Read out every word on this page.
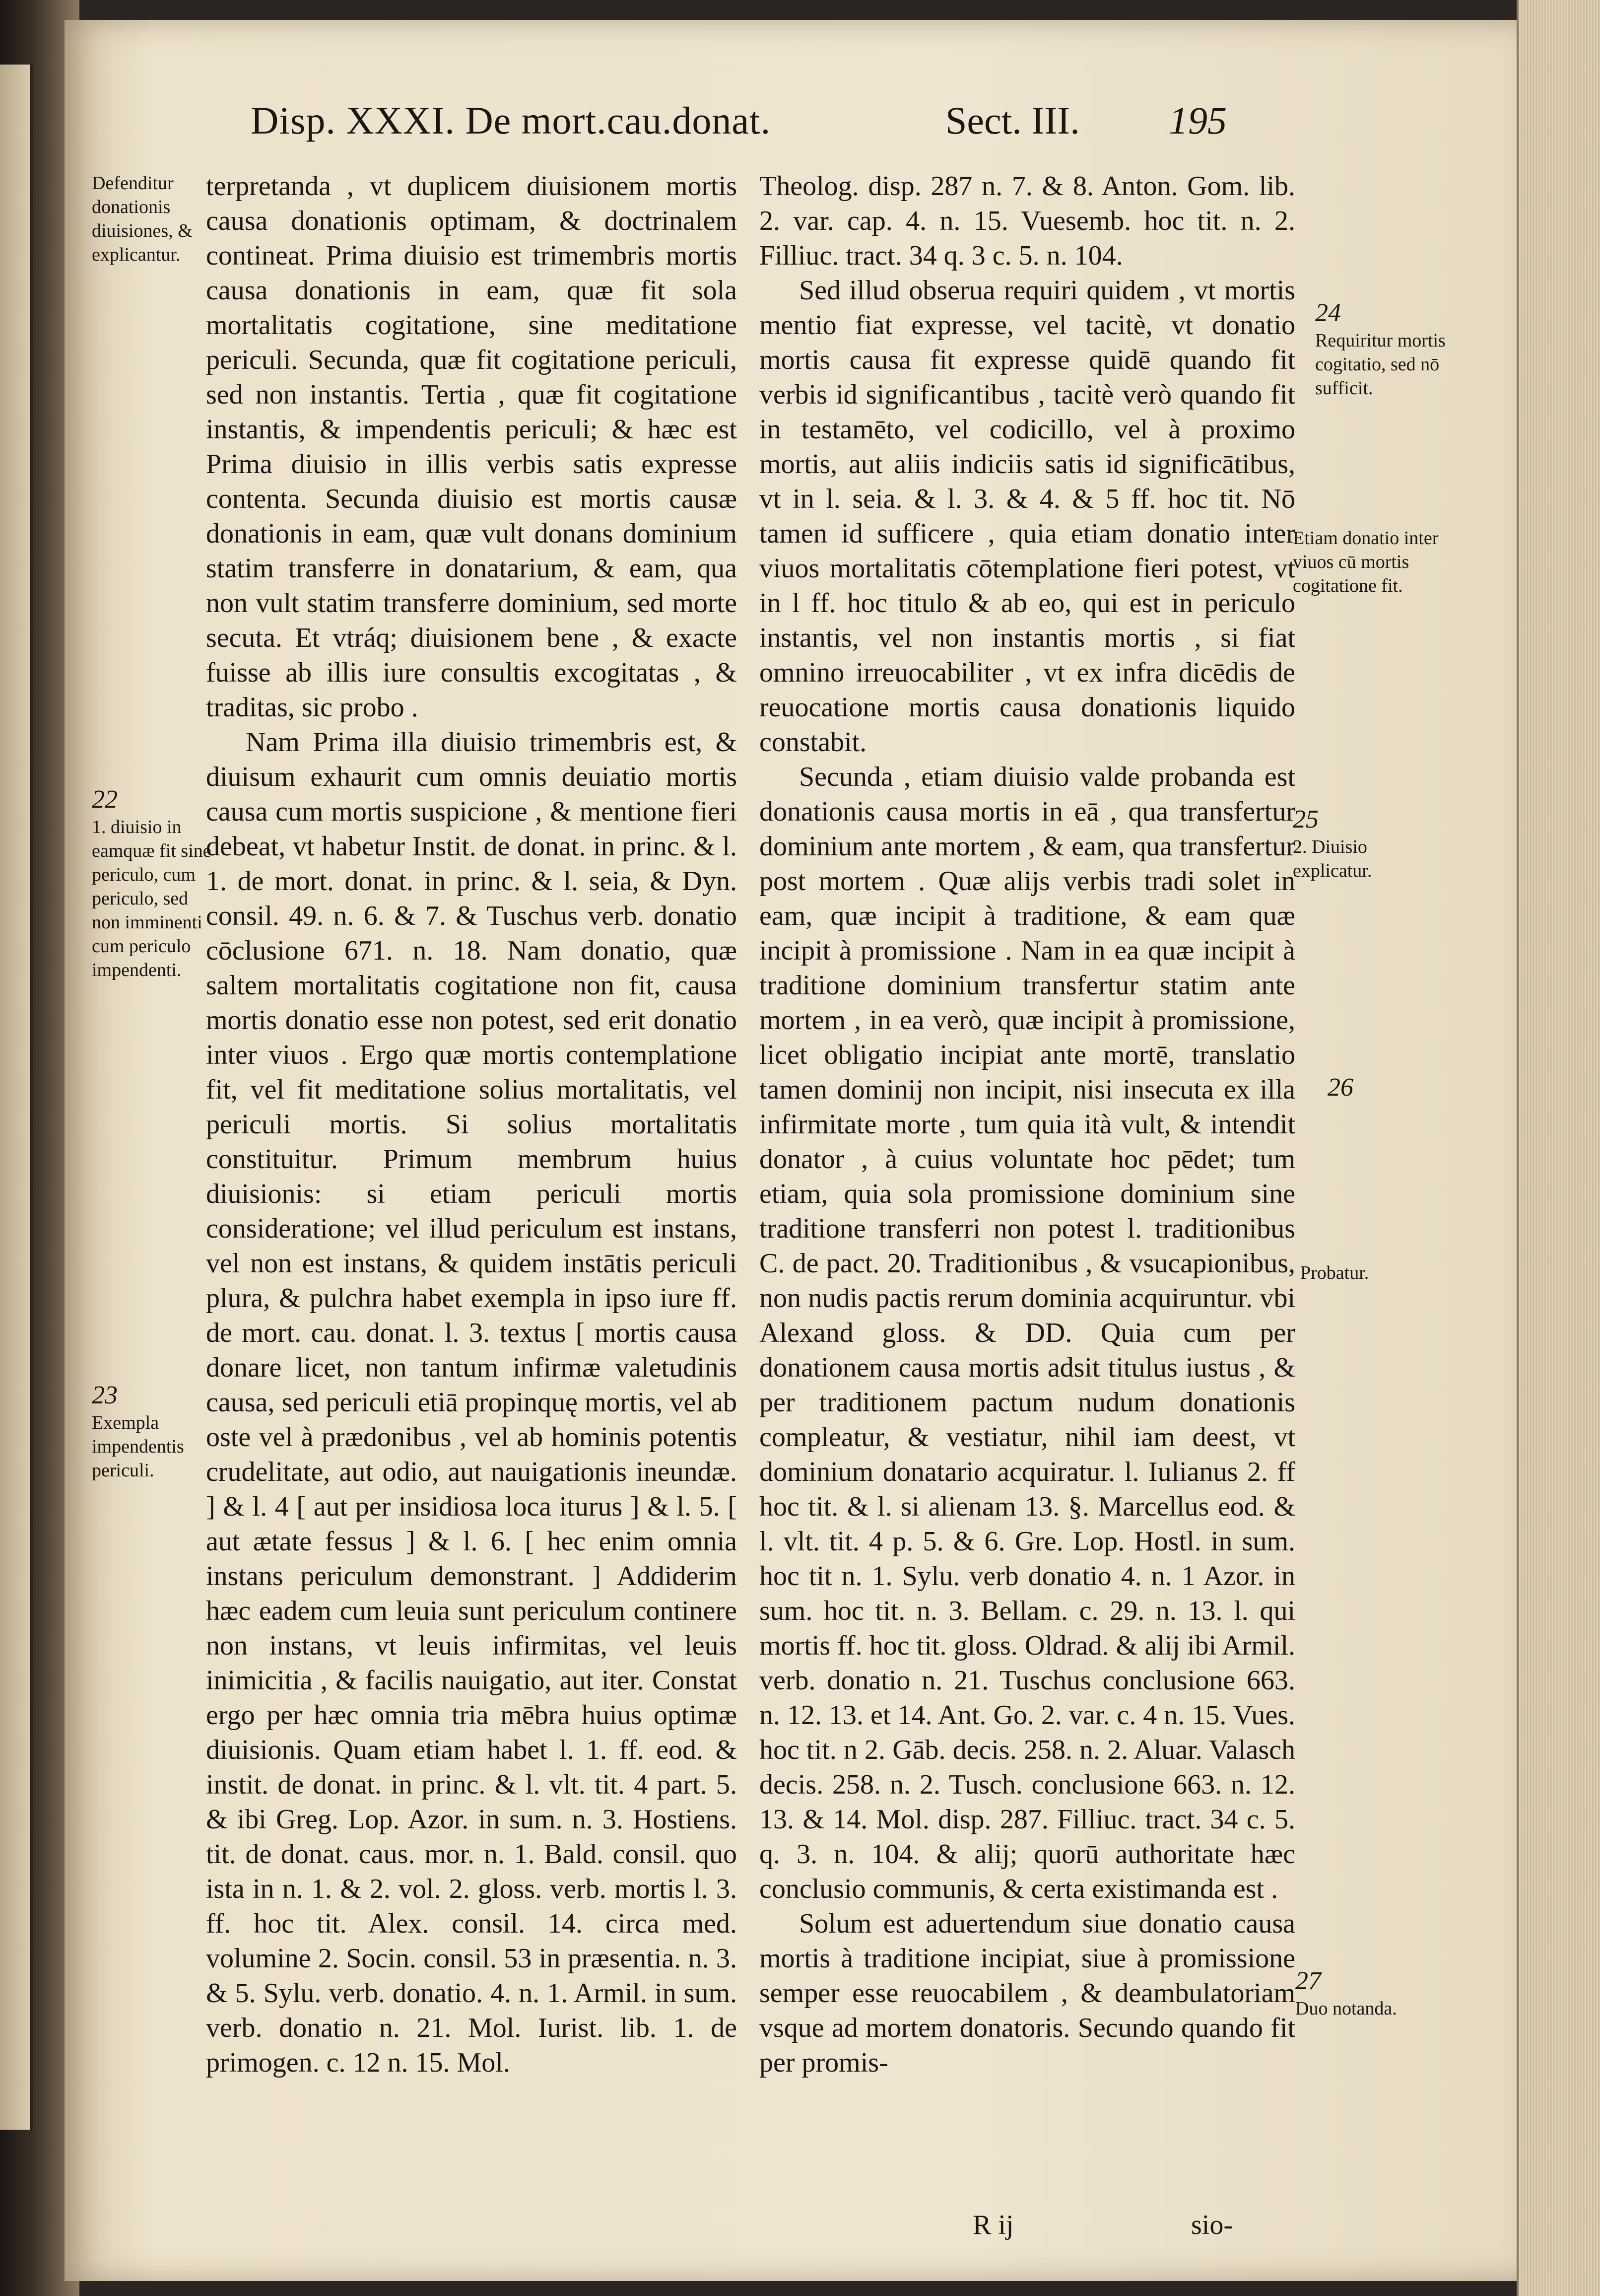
Disp. XXXI. De mort.cau.donat.	Sect. III. 195
Defenditur donationis diuisiones, & explicantur.
22
1. diuisio in eamquæ fit sine periculo, cum periculo, sed non imminenti cum periculo impendenti.
23
Exempla impendentis periculi.
24
Requiritur mortis cogitatio, sed nō sufficit.
Etiam donatio inter viuos cū mortis cogitatione fit.
25
2. Diuisio explicatur.
26
Probatur.
27
Duo notanda.

terpretanda , vt duplicem diuisionem mortis causa donationis optimam, & doctrinalem contineat. Prima diuisio est trimembris mortis causa donationis in eam, quæ fit sola mortalitatis cogitatione, sine meditatione periculi. Secunda, quæ fit cogitatione periculi, sed non instantis. Tertia , quæ fit cogitatione instantis, & impendentis periculi; & hæc est Prima diuisio in illis verbis satis expresse contenta. Secunda diuisio est mortis causæ donationis in eam, quæ vult donans dominium statim transferre in donatarium, & eam, qua non vult statim transferre dominium, sed morte secuta. Et vtráq; diuisionem bene , & exacte fuisse ab illis iure consultis excogitatas , & traditas, sic probo .

Nam Prima illa diuisio trimembris est, & diuisum exhaurit cum omnis deuiatio mortis causa cum mortis suspicione , & mentione fieri debeat, vt habetur Instit. de donat. in princ. & l. 1. de mort. donat. in princ. & l. seia, & Dyn. consil. 49. n. 6. & 7. & Tuschus verb. donatio cōclusione 671. n. 18. Nam donatio, quæ saltem mortalitatis cogitatione non fit, causa mortis donatio esse non potest, sed erit donatio inter viuos . Ergo quæ mortis contemplatione fit, vel fit meditatione solius mortalitatis, vel periculi mortis. Si solius mortalitatis constituitur. Primum membrum huius diuisionis: si etiam periculi mortis consideratione; vel illud periculum est instans, vel non est instans, & quidem instātis periculi plura, & pulchra habet exempla in ipso iure ff. de mort. cau. donat. l. 3. textus [ mortis causa donare licet, non tantum infirmæ valetudinis causa, sed periculi etiā propinquę mortis, vel ab oste vel à prædonibus , vel ab hominis potentis crudelitate, aut odio, aut nauigationis ineundæ. ] & l. 4 [ aut per insidiosa loca iturus ] & l. 5. [ aut ætate fessus ] & l. 6. [ hec enim omnia instans periculum demonstrant. ] Addiderim hæc eadem cum leuia sunt periculum continere non instans, vt leuis infirmitas, vel leuis inimicitia , & facilis nauigatio, aut iter. Constat ergo per hæc omnia tria mēbra huius optimæ diuisionis. Quam etiam habet l. 1. ff. eod. & instit. de donat. in princ. & l. vlt. tit. 4 part. 5. & ibi Greg. Lop. Azor. in sum. n. 3. Hostiens. tit. de donat. caus. mor. n. 1. Bald. consil. quo ista in n. 1. & 2. vol. 2. gloss. verb. mortis l. 3. ff. hoc tit. Alex. consil. 14. circa med. volumine 2. Socin. consil. 53 in præsentia. n. 3. & 5. Sylu. verb. donatio. 4. n. 1. Armil. in sum. verb. donatio n. 21. Mol. Iurist. lib. 1. de primogen. c. 12 n. 15. Mol.

Theolog. disp. 287 n. 7. & 8. Anton. Gom. lib. 2. var. cap. 4. n. 15. Vuesemb. hoc tit. n. 2. Filliuc. tract. 34 q. 3 c. 5. n. 104.

Sed illud obserua requiri quidem , vt mortis mentio fiat expresse, vel tacitè, vt donatio mortis causa fit expresse quidē quando fit verbis id significantibus , tacitè verò quando fit in testamēto, vel codicillo, vel à proximo mortis, aut aliis indiciis satis id significātibus, vt in l. seia. & l. 3. & 4. & 5 ff. hoc tit. Nō tamen id sufficere , quia etiam donatio inter viuos mortalitatis cōtemplatione fieri potest, vt in l ff. hoc titulo & ab eo, qui est in periculo instantis, vel non instantis mortis , si fiat omnino irreuocabiliter , vt ex infra dicēdis de reuocatione mortis causa donationis liquido constabit.

Secunda , etiam diuisio valde probanda est donationis causa mortis in eā , qua transfertur dominium ante mortem , & eam, qua transfertur post mortem . Quæ alijs verbis tradi solet in eam, quæ incipit à traditione, & eam quæ incipit à promissione . Nam in ea quæ incipit à traditione dominium transfertur statim ante mortem , in ea verò, quæ incipit à promissione, licet obligatio incipiat ante mortē, translatio tamen dominij non incipit, nisi insecuta ex illa infirmitate morte , tum quia ità vult, & intendit donator , à cuius voluntate hoc pēdet; tum etiam, quia sola promissione dominium sine traditione transferri non potest l. traditionibus C. de pact. 20. Traditionibus , & vsucapionibus, non nudis pactis rerum dominia acquiruntur. vbi Alexand gloss. & DD. Quia cum per donationem causa mortis adsit titulus iustus , & per traditionem pactum nudum donationis compleatur, & vestiatur, nihil iam deest, vt dominium donatario acquiratur. l. Iulianus 2. ff hoc tit. & l. si alienam 13. §. Marcellus eod. & l. vlt. tit. 4 p. 5. & 6. Gre. Lop. Hostl. in sum. hoc tit n. 1. Sylu. verb donatio 4. n. 1 Azor. in sum. hoc tit. n. 3. Bellam. c. 29. n. 13. l. qui mortis ff. hoc tit. gloss. Oldrad. & alij ibi Armil. verb. donatio n. 21. Tuschus conclusione 663. n. 12. 13. et 14. Ant. Go. 2. var. c. 4 n. 15. Vues. hoc tit. n 2. Gāb. decis. 258. n. 2. Aluar. Valasch decis. 258. n. 2. Tusch. conclusione 663. n. 12. 13. & 14. Mol. disp. 287. Filliuc. tract. 34 c. 5. q. 3. n. 104. & alij; quorū authoritate hæc conclusio communis, & certa existimanda est .

Solum est aduertendum siue donatio causa mortis à traditione incipiat, siue à promissione semper esse reuocabilem , & deambulatoriam vsque ad mortem donatoris. Secundo quando fit per promis-

R ij	sio-
